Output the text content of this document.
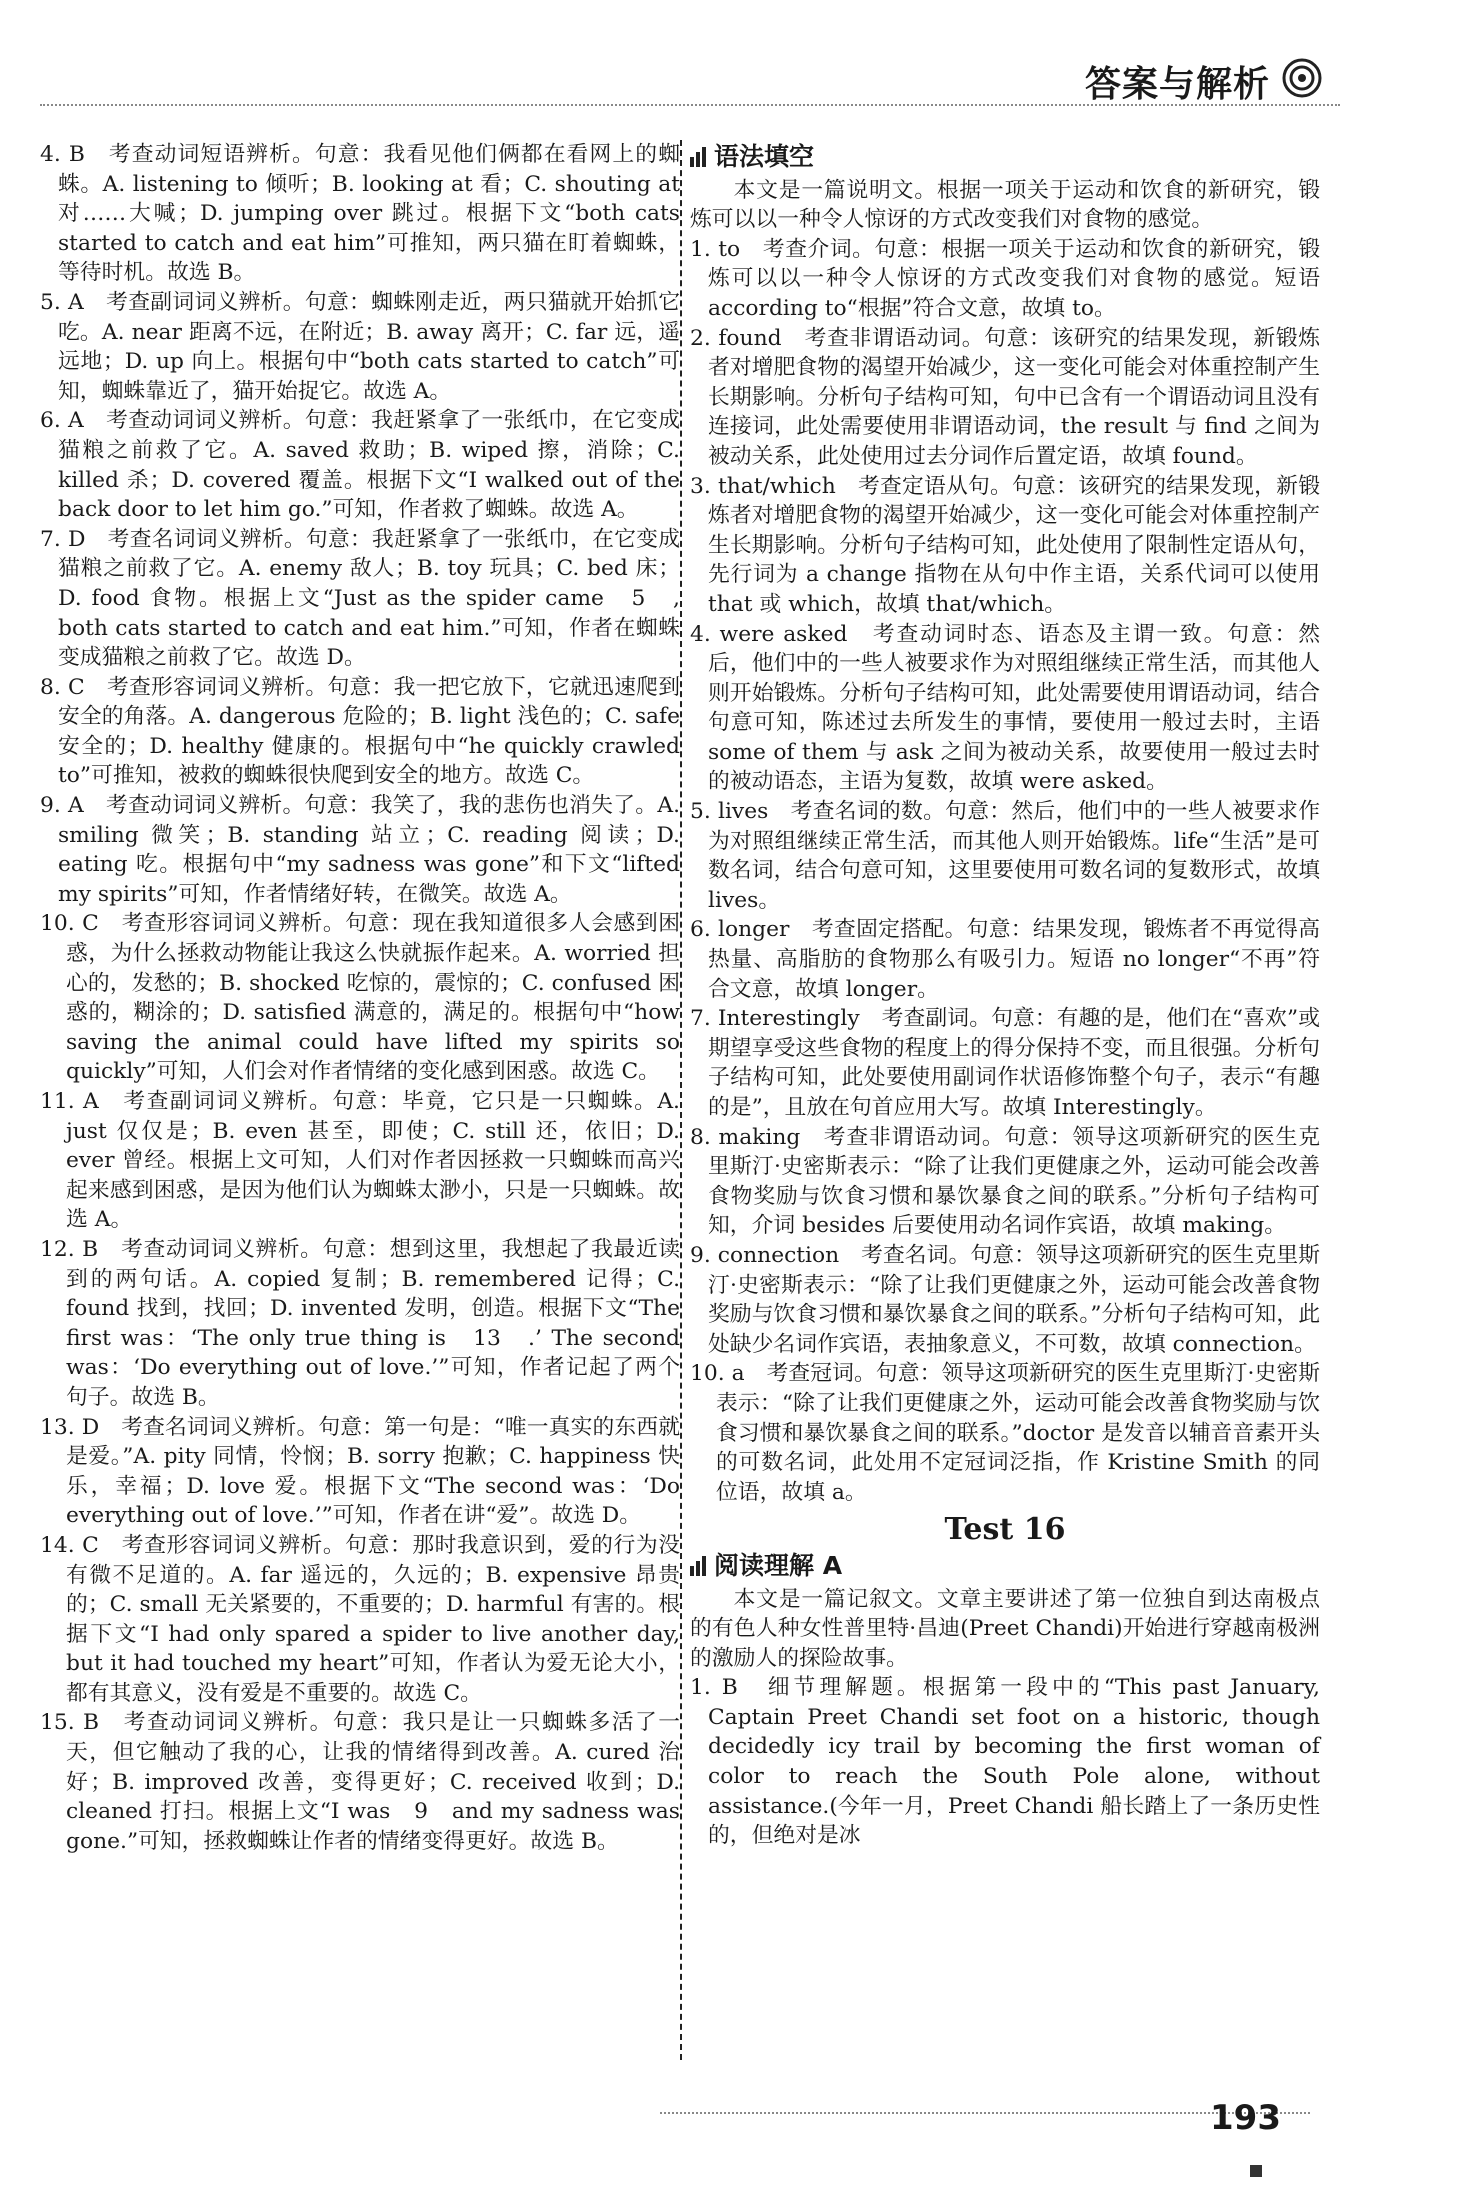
答案与解析
4. B　考查动词短语辨析。句意：我看见他们俩都在看网上的蜘蛛。A. listening to 倾听；B. looking at 看；C. shouting at 对……大喊；D. jumping over 跳过。根据下文“both cats started to catch and eat him”可推知，两只猫在盯着蜘蛛，等待时机。故选 B。
5. A　考查副词词义辨析。句意：蜘蛛刚走近，两只猫就开始抓它吃。A. near 距离不远，在附近；B. away 离开；C. far 远，遥远地；D. up 向上。根据句中“both cats started to catch”可知，蜘蛛靠近了，猫开始捉它。故选 A。
6. A　考查动词词义辨析。句意：我赶紧拿了一张纸巾，在它变成猫粮之前救了它。A. saved 救助；B. wiped 擦，消除；C. killed 杀；D. covered 覆盖。根据下文“I walked out of the back door to let him go.”可知，作者救了蜘蛛。故选 A。
7. D　考查名词词义辨析。句意：我赶紧拿了一张纸巾，在它变成猫粮之前救了它。A. enemy 敌人；B. toy 玩具；C. bed 床；D. food 食物。根据上文“Just as the spider came　5　, both cats started to catch and eat him.”可知，作者在蜘蛛变成猫粮之前救了它。故选 D。
8. C　考查形容词词义辨析。句意：我一把它放下，它就迅速爬到安全的角落。A. dangerous 危险的；B. light 浅色的；C. safe 安全的；D. healthy 健康的。根据句中“he quickly crawled to”可推知，被救的蜘蛛很快爬到安全的地方。故选 C。
9. A　考查动词词义辨析。句意：我笑了，我的悲伤也消失了。A. smiling 微笑；B. standing 站立；C. reading 阅读；D. eating 吃。根据句中“my sadness was gone”和下文“lifted my spirits”可知，作者情绪好转，在微笑。故选 A。
10. C　考查形容词词义辨析。句意：现在我知道很多人会感到困惑，为什么拯救动物能让我这么快就振作起来。A. worried 担心的，发愁的；B. shocked 吃惊的，震惊的；C. confused 困惑的，糊涂的；D. satisfied 满意的，满足的。根据句中“how saving the animal could have lifted my spirits so quickly”可知，人们会对作者情绪的变化感到困惑。故选 C。
11. A　考查副词词义辨析。句意：毕竟，它只是一只蜘蛛。A. just 仅仅是；B. even 甚至，即使；C. still 还，依旧；D. ever 曾经。根据上文可知，人们对作者因拯救一只蜘蛛而高兴起来感到困惑，是因为他们认为蜘蛛太渺小，只是一只蜘蛛。故选 A。
12. B　考查动词词义辨析。句意：想到这里，我想起了我最近读到的两句话。A. copied 复制；B. remembered 记得；C. found 找到，找回；D. invented 发明，创造。根据下文“The first was：‘The only true thing is　13　.’ The second was：‘Do everything out of love.’”可知，作者记起了两个句子。故选 B。
13. D　考查名词词义辨析。句意：第一句是：“唯一真实的东西就是爱。”A. pity 同情，怜悯；B. sorry 抱歉；C. happiness 快乐，幸福；D. love 爱。根据下文“The second was：‘Do everything out of love.’”可知，作者在讲“爱”。故选 D。
14. C　考查形容词词义辨析。句意：那时我意识到，爱的行为没有微不足道的。A. far 遥远的，久远的；B. expensive 昂贵的；C. small 无关紧要的，不重要的；D. harmful 有害的。根据下文“I had only spared a spider to live another day, but it had touched my heart”可知，作者认为爱无论大小，都有其意义，没有爱是不重要的。故选 C。
15. B　考查动词词义辨析。句意：我只是让一只蜘蛛多活了一天，但它触动了我的心，让我的情绪得到改善。A. cured 治好；B. improved 改善，变得更好；C. received 收到；D. cleaned 打扫。根据上文“I was　9　and my sadness was gone.”可知，拯救蜘蛛让作者的情绪变得更好。故选 B。
语法填空
本文是一篇说明文。根据一项关于运动和饮食的新研究，锻炼可以以一种令人惊讶的方式改变我们对食物的感觉。
1. to　考查介词。句意：根据一项关于运动和饮食的新研究，锻炼可以以一种令人惊讶的方式改变我们对食物的感觉。短语 according to“根据”符合文意，故填 to。
2. found　考查非谓语动词。句意：该研究的结果发现，新锻炼者对增肥食物的渴望开始减少，这一变化可能会对体重控制产生长期影响。分析句子结构可知，句中已含有一个谓语动词且没有连接词，此处需要使用非谓语动词，the result 与 find 之间为被动关系，此处使用过去分词作后置定语，故填 found。
3. that/which　考查定语从句。句意：该研究的结果发现，新锻炼者对增肥食物的渴望开始减少，这一变化可能会对体重控制产生长期影响。分析句子结构可知，此处使用了限制性定语从句，先行词为 a change 指物在从句中作主语，关系代词可以使用 that 或 which，故填 that/which。
4. were asked　考查动词时态、语态及主谓一致。句意：然后，他们中的一些人被要求作为对照组继续正常生活，而其他人则开始锻炼。分析句子结构可知，此处需要使用谓语动词，结合句意可知，陈述过去所发生的事情，要使用一般过去时，主语 some of them 与 ask 之间为被动关系，故要使用一般过去时的被动语态，主语为复数，故填 were asked。
5. lives　考查名词的数。句意：然后，他们中的一些人被要求作为对照组继续正常生活，而其他人则开始锻炼。life“生活”是可数名词，结合句意可知，这里要使用可数名词的复数形式，故填 lives。
6. longer　考查固定搭配。句意：结果发现，锻炼者不再觉得高热量、高脂肪的食物那么有吸引力。短语 no longer“不再”符合文意，故填 longer。
7. Interestingly　考查副词。句意：有趣的是，他们在“喜欢”或期望享受这些食物的程度上的得分保持不变，而且很强。分析句子结构可知，此处要使用副词作状语修饰整个句子，表示“有趣的是”，且放在句首应用大写。故填 Interestingly。
8. making　考查非谓语动词。句意：领导这项新研究的医生克里斯汀·史密斯表示：“除了让我们更健康之外，运动可能会改善食物奖励与饮食习惯和暴饮暴食之间的联系。”分析句子结构可知，介词 besides 后要使用动名词作宾语，故填 making。
9. connection　考查名词。句意：领导这项新研究的医生克里斯汀·史密斯表示：“除了让我们更健康之外，运动可能会改善食物奖励与饮食习惯和暴饮暴食之间的联系。”分析句子结构可知，此处缺少名词作宾语，表抽象意义，不可数，故填 connection。
10. a　考查冠词。句意：领导这项新研究的医生克里斯汀·史密斯表示：“除了让我们更健康之外，运动可能会改善食物奖励与饮食习惯和暴饮暴食之间的联系。”doctor 是发音以辅音音素开头的可数名词，此处用不定冠词泛指，作 Kristine Smith 的同位语，故填 a。
Test 16
阅读理解 A
本文是一篇记叙文。文章主要讲述了第一位独自到达南极点的有色人种女性普里特·昌迪(Preet Chandi)开始进行穿越南极洲的激励人的探险故事。
1. B　细节理解题。根据第一段中的“This past January, Captain Preet Chandi set foot on a historic, though decidedly icy trail by becoming the first woman of color to reach the South Pole alone, without assistance.(今年一月，Preet Chandi 船长踏上了一条历史性的，但绝对是冰
193
